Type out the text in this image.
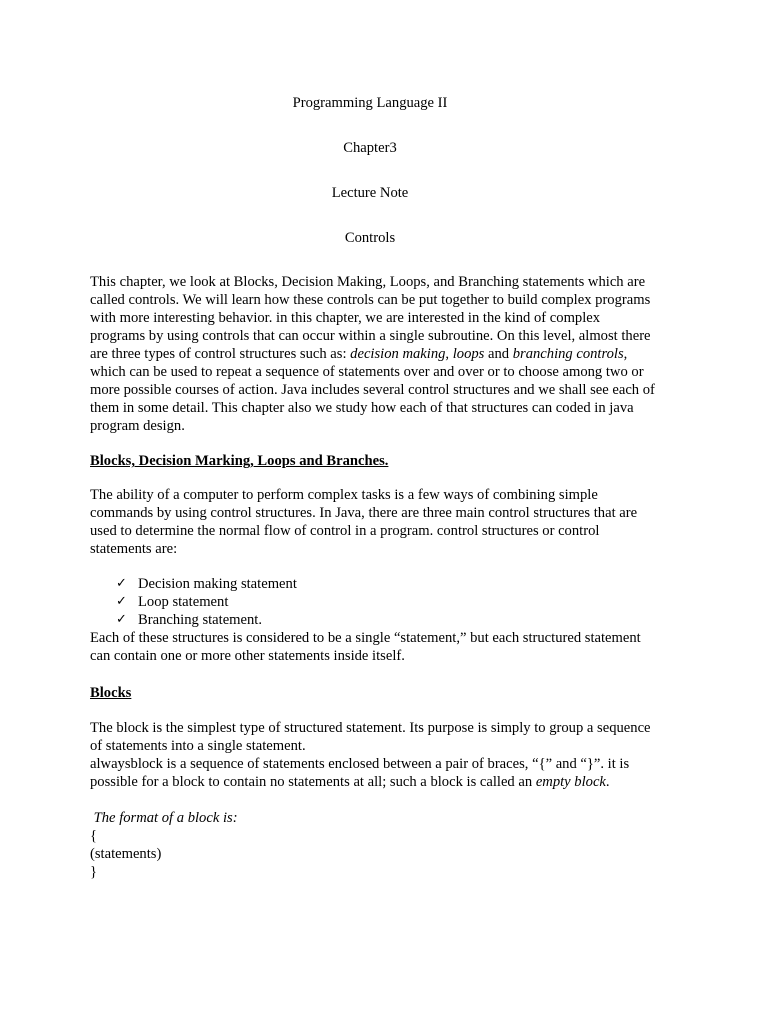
Programming Language II
Chapter3
Lecture Note
Controls
This chapter, we look at Blocks, Decision Making, Loops, and Branching statements which are
called controls. We will learn how these controls can be put together to build complex programs
with more interesting behavior. in this chapter, we are interested in the kind of complex
programs by using controls that can occur within a single subroutine. On this level, almost there
are three types of control structures such as: decision making, loops and branching controls,
which can be used to repeat a sequence of statements over and over or to choose among two or
more possible courses of action. Java includes several control structures and we shall see each of
them in some detail. This chapter also we study how each of that structures can coded in java
program design.
Blocks, Decision Marking, Loops and Branches.
The ability of a computer to perform complex tasks is a few ways of combining simple
commands by using control structures. In Java, there are three main control structures that are
used to determine the normal flow of control in a program. control structures or control
statements are:
✓ Decision making statement
✓ Loop statement
✓ Branching statement.
Each of these structures is considered to be a single “statement,” but each structured statement
can contain one or more other statements inside itself.
Blocks
The block is the simplest type of structured statement. Its purpose is simply to group a sequence
of statements into a single statement.
alwaysblock is a sequence of statements enclosed between a pair of braces, “{” and “}”. it is
possible for a block to contain no statements at all; such a block is called an empty block.
The format of a block is:
{
(statements)
}
